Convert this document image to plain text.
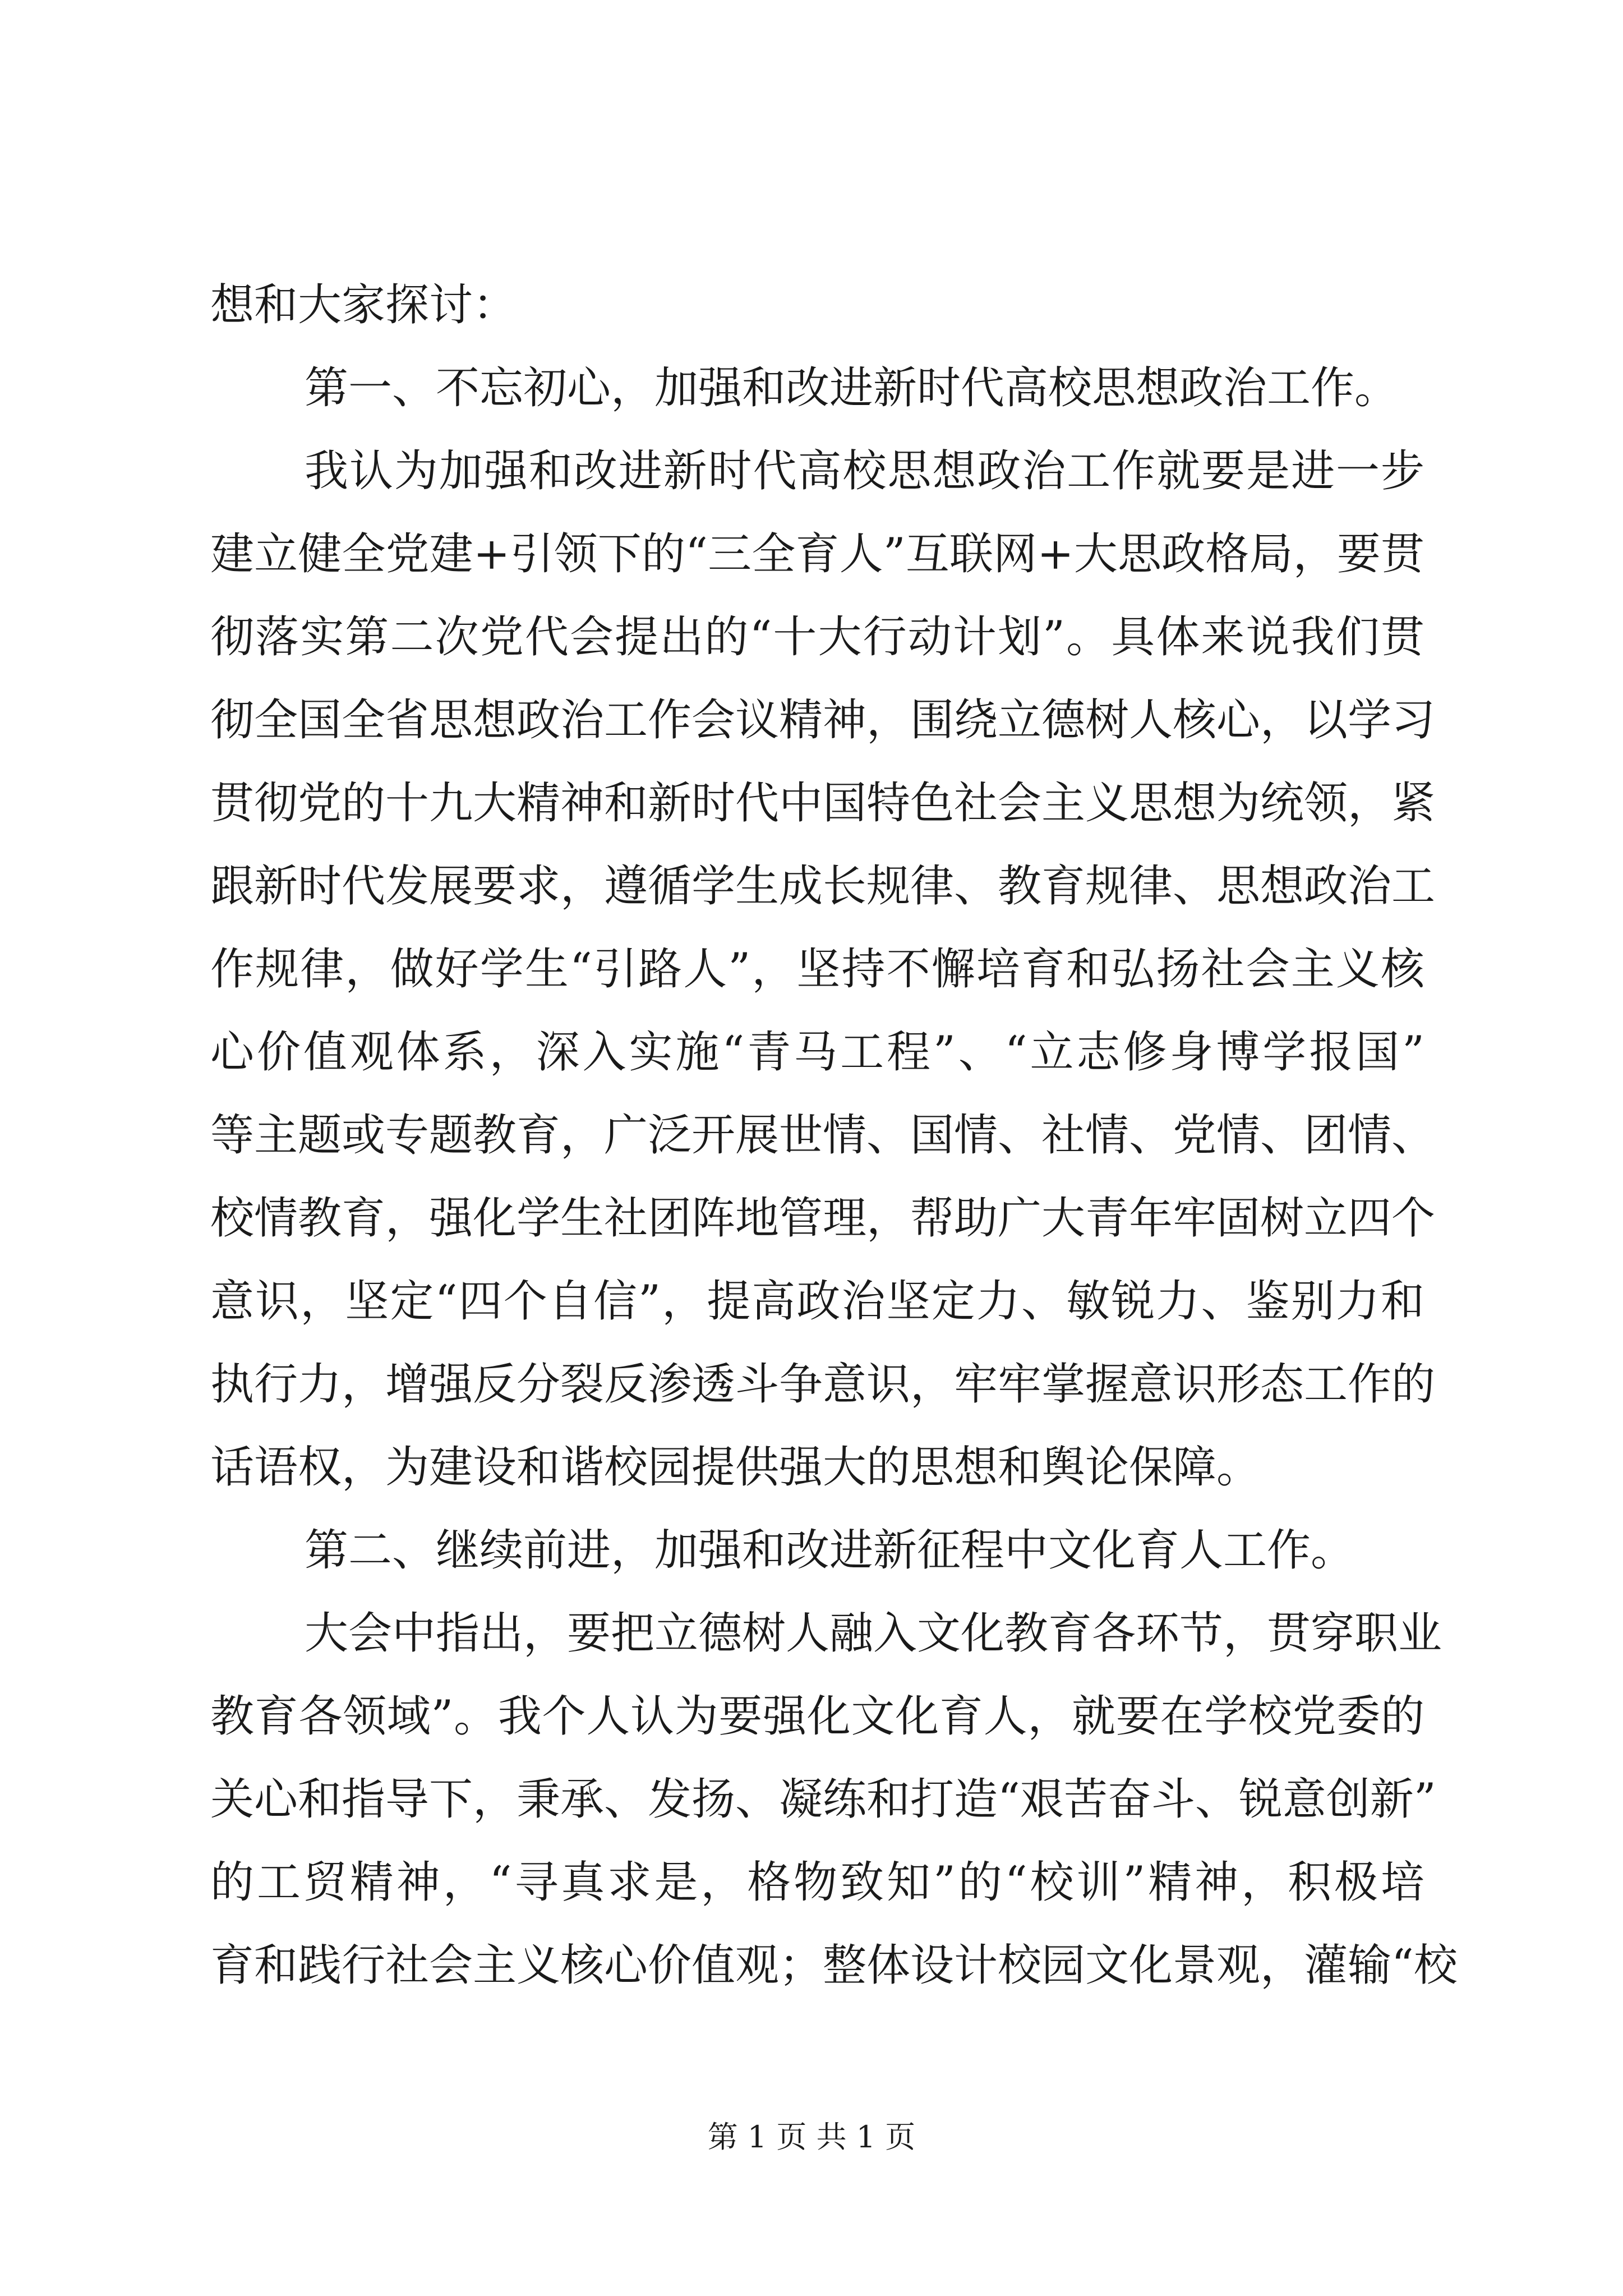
想和大家探讨：
第一、不忘初心，加强和改进新时代高校思想政治工作。
我认为加强和改进新时代高校思想政治工作就要是进一步
建立健全党建+引领下的“三全育人”互联网+大思政格局，要贯
彻落实第二次党代会提出的“十大行动计划”。具体来说我们贯
彻全国全省思想政治工作会议精神，围绕立德树人核心，以学习
贯彻党的十九大精神和新时代中国特色社会主义思想为统领，紧
跟新时代发展要求，遵循学生成长规律、教育规律、思想政治工
作规律，做好学生“引路人”，坚持不懈培育和弘扬社会主义核
心价值观体系，深入实施“青马工程”、“立志修身博学报国”
等主题或专题教育，广泛开展世情、国情、社情、党情、团情、
校情教育，强化学生社团阵地管理，帮助广大青年牢固树立四个
意识，坚定“四个自信”，提高政治坚定力、敏锐力、鉴别力和
执行力，增强反分裂反渗透斗争意识，牢牢掌握意识形态工作的
话语权，为建设和谐校园提供强大的思想和舆论保障。
第二、继续前进，加强和改进新征程中文化育人工作。
大会中指出，要把立德树人融入文化教育各环节，贯穿职业
教育各领域”。我个人认为要强化文化育人，就要在学校党委的
关心和指导下，秉承、发扬、凝练和打造“艰苦奋斗、锐意创新”
的工贸精神，“寻真求是，格物致知”的“校训”精神，积极培
育和践行社会主义核心价值观；整体设计校园文化景观，灌输“校
第 1 页 共 1 页
